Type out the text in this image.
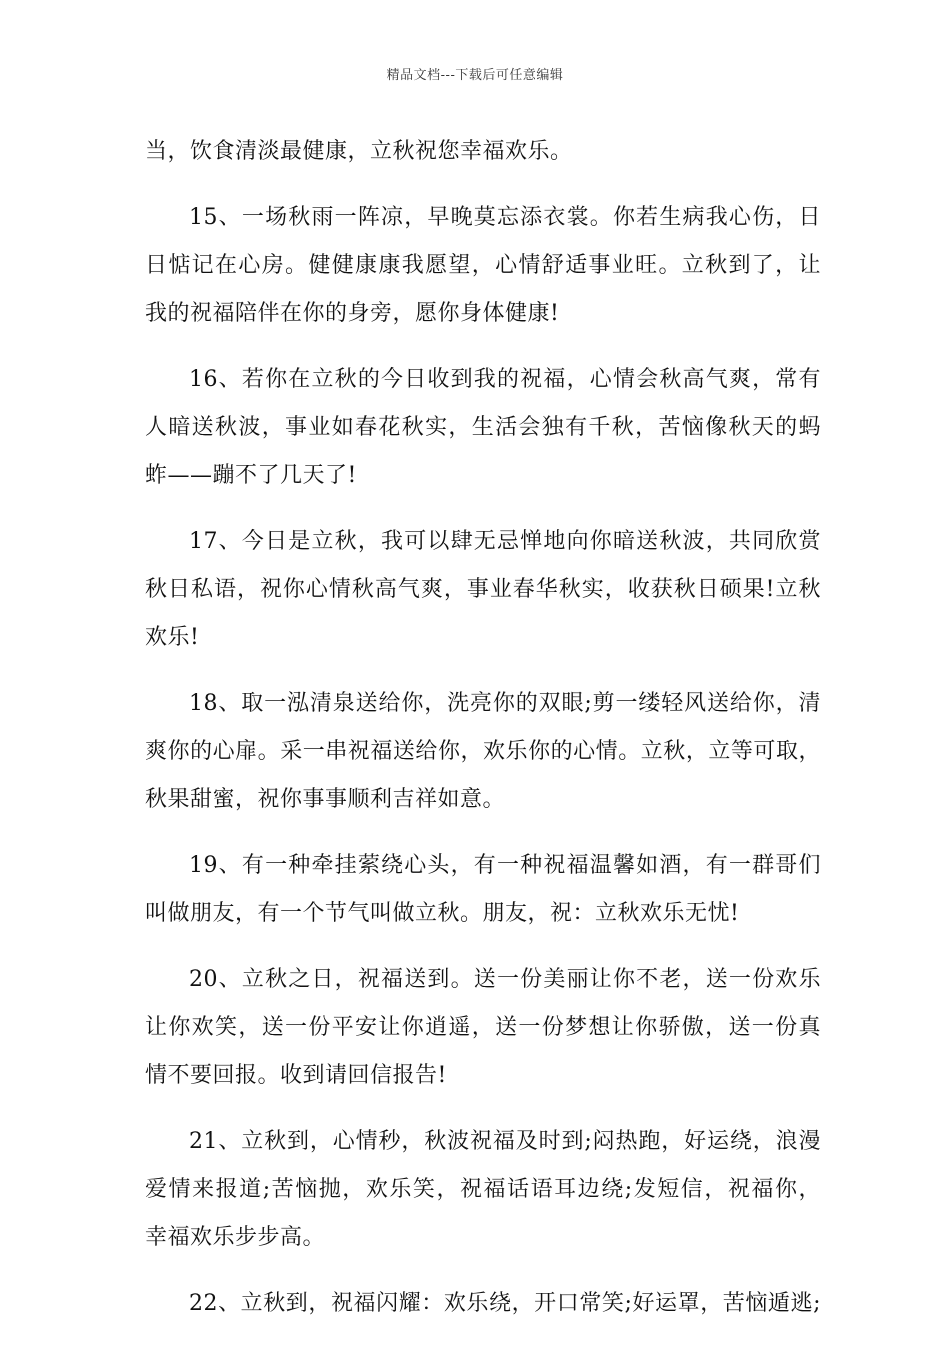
精品文档---下载后可任意编辑
当，饮食清淡最健康，立秋祝您幸福欢乐。
15、一场秋雨一阵凉，早晚莫忘添衣裳。你若生病我心伤，日
日惦记在心房。健健康康我愿望，心情舒适事业旺。立秋到了，让
我的祝福陪伴在你的身旁，愿你身体健康!
16、若你在立秋的今日收到我的祝福，心情会秋高气爽，常有
人暗送秋波，事业如春花秋实，生活会独有千秋，苦恼像秋天的蚂
蚱——蹦不了几天了!
17、今日是立秋，我可以肆无忌惮地向你暗送秋波，共同欣赏
秋日私语，祝你心情秋高气爽，事业春华秋实，收获秋日硕果!立秋
欢乐!
18、取一泓清泉送给你，洗亮你的双眼;剪一缕轻风送给你，清
爽你的心扉。采一串祝福送给你，欢乐你的心情。立秋，立等可取，
秋果甜蜜，祝你事事顺利吉祥如意。
19、有一种牵挂萦绕心头，有一种祝福温馨如酒，有一群哥们
叫做朋友，有一个节气叫做立秋。朋友，祝：立秋欢乐无忧!
20、立秋之日，祝福送到。送一份美丽让你不老，送一份欢乐
让你欢笑，送一份平安让你逍遥，送一份梦想让你骄傲，送一份真
情不要回报。收到请回信报告!
21、立秋到，心情秒，秋波祝福及时到;闷热跑，好运绕，浪漫
爱情来报道;苦恼抛，欢乐笑，祝福话语耳边绕;发短信，祝福你，
幸福欢乐步步高。
22、立秋到，祝福闪耀：欢乐绕，开口常笑;好运罩，苦恼遁逃;
